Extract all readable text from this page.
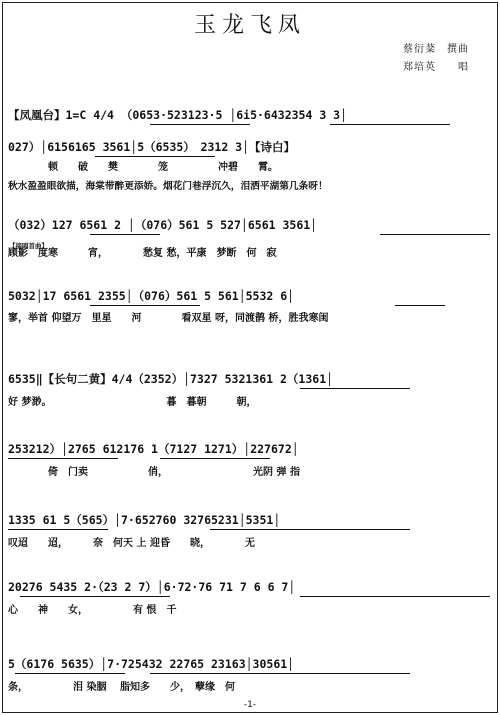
玉龙飞凤
蔡衍棻　撰曲
郑培英　　唱
【凤凰台】1=C 4/4 （0653·523123·5 │6i5·6432354 3 3│
027）│6156165 3561│5（6535）　2312 3│【诗白】
　　　　顿　　破　　樊　　　　笼　　　　　冲碧　　霄。
秋水盈盈眼欲描，海棠带醉更添娇。烟花门巷浮沉久，泪洒平湖第几条呀！
（032）127 6561 2 │（076）561 5 527│6561 3561│
【接唱首曲】
顾影　度寒　　　宵，　　　　愁复 愁，平康　梦断　何　寂
5032│17 6561 2355│（076）561 5 561│5532 6│
寥，举首 仰望万　里星　　河　　　　看双星 呀，同渡鹊 桥，胜我寒闺
6535‖【长句二黄】4/4（2352）│7327 5321361 2（1361│
好 梦渺。　　　　　　　　　　　　暮　暮朝　　　朝，
253212）│2765 612176 1（7127 1271）│227672│
　　　　倚　门卖　　　　　　俏，　　　　　　　　　光阴 弹 指
1335 61 5（565）│7·652760 32765231│5351│
叹迢　　迢，　　　奈　何天 上 迎昏　　晓，　　　　无
20276 5435 2·（23 2 7）│6·72·76 71 7 6 6 7│
心　　神　　女，　　　　　有 恨　千
5（6176 5635）│7·725432 22765 23163│30561│
条，　　　　　泪 染胭 　脂知多　　少，　孽缘　何
-1-
